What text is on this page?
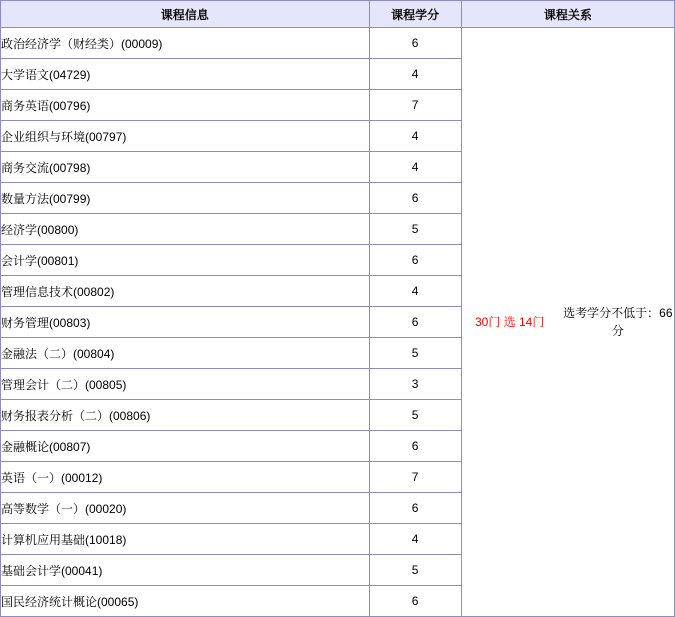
课程信息	课程学分	课程关系
政治经济学（财经类）(00009)	6	30门 选 14门
选考学分不低于：66分

大学语文(04729)	4	
商务英语(00796)	7	
企业组织与环境(00797)	4	
商务交流(00798)	4	
数量方法(00799)	6	
经济学(00800)	5	
会计学(00801)	6	
管理信息技术(00802)	4	
财务管理(00803)	6	
金融法（二）(00804)	5	
管理会计（二）(00805)	3	
财务报表分析（二）(00806)	5	
金融概论(00807)	6	
英语（一）(00012)	7	
高等数学（一）(00020)	6	
计算机应用基础(10018)	4	
基础会计学(00041)	5	
国民经济统计概论(00065)	6	
